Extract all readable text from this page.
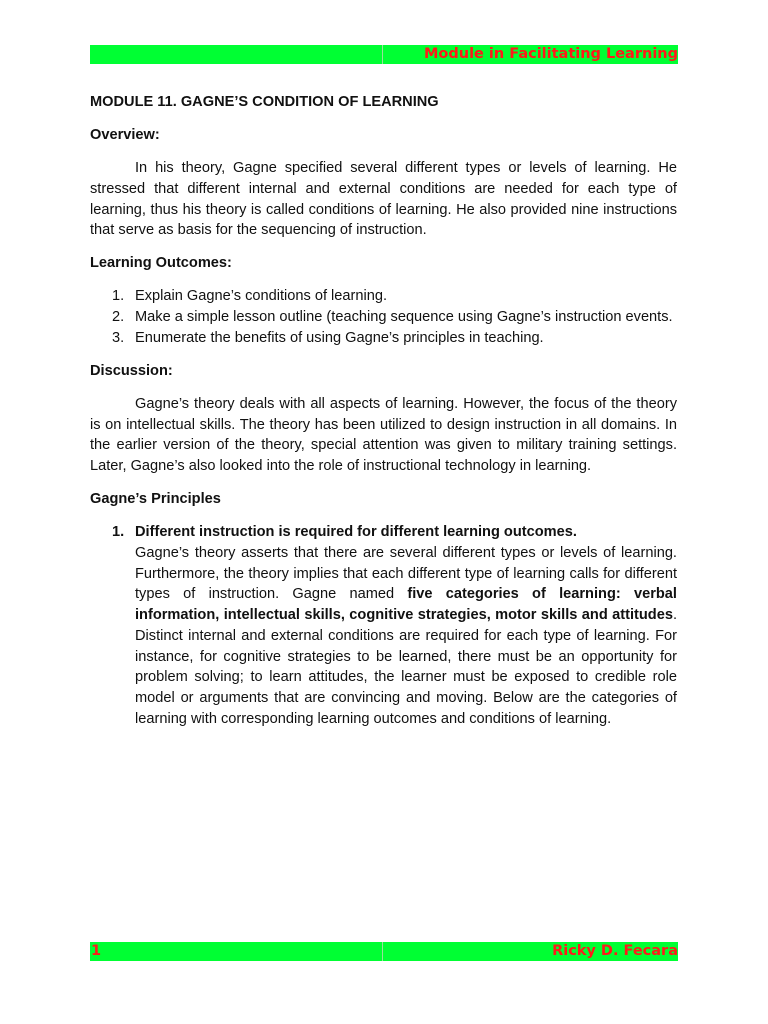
Module in Facilitating Learning
MODULE 11. GAGNE’S CONDITION OF LEARNING
Overview:

In his theory, Gagne specified several different types or levels of learning. He stressed that different internal and external conditions are needed for each type of learning, thus his theory is called conditions of learning. He also provided nine instructions that serve as basis for the sequencing of instruction.

Learning Outcomes:
1. Explain Gagne’s conditions of learning.
2. Make a simple lesson outline (teaching sequence using Gagne’s instruction events.
3. Enumerate the benefits of using Gagne’s principles in teaching.
Discussion:

Gagne’s theory deals with all aspects of learning. However, the focus of the theory is on intellectual skills. The theory has been utilized to design instruction in all domains. In the earlier version of the theory, special attention was given to military training settings. Later, Gagne’s also looked into the role of instructional technology in learning.

Gagne’s Principles
1. Different instruction is required for different learning outcomes.

Gagne’s theory asserts that there are several different types or levels of learning. Furthermore, the theory implies that each different type of learning calls for different types of instruction. Gagne named five categories of learning: verbal information, intellectual skills, cognitive strategies, motor skills and attitudes. Distinct internal and external conditions are required for each type of learning. For instance, for cognitive strategies to be learned, there must be an opportunity for problem solving; to learn attitudes, the learner must be exposed to credible role model or arguments that are convincing and moving. Below are the categories of learning with corresponding learning outcomes and conditions of learning.

1	Ricky D. Fecara
